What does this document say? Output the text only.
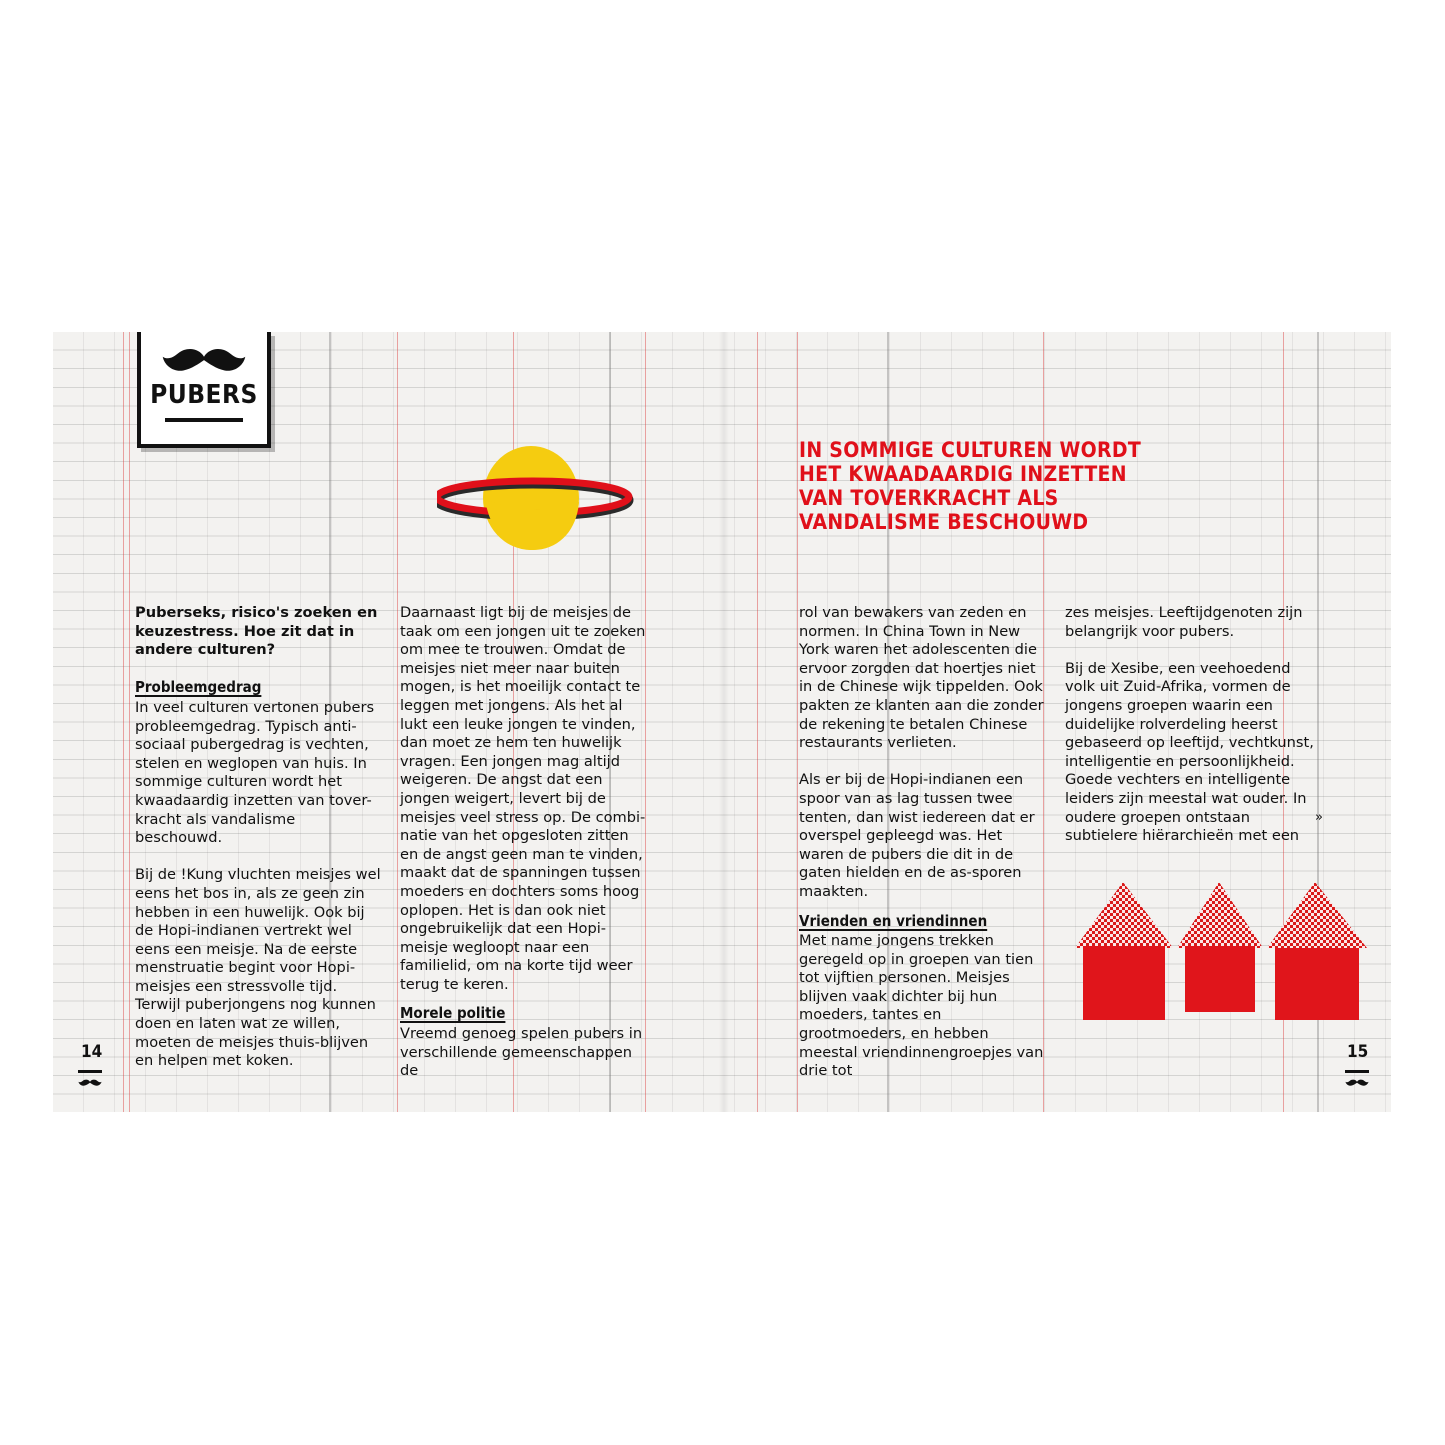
PUBERS

Puberseks, risico's zoeken en keuzestress. Hoe zit dat in andere culturen?

Probleemgedrag

In veel culturen vertonen pubers probleemgedrag. Typisch anti-sociaal pubergedrag is vechten, stelen en weglopen van huis. In sommige culturen wordt het kwaadaardig inzetten van tover-kracht als vandalisme beschouwd.

Bij de !Kung vluchten meisjes wel eens het bos in, als ze geen zin hebben in een huwelijk. Ook bij de Hopi-indianen vertrekt wel eens een meisje. Na de eerste menstruatie begint voor Hopi-meisjes een stressvolle tijd. Terwijl puberjongens nog kunnen doen en laten wat ze willen, moeten de meisjes thuis-blijven en helpen met koken.

Daarnaast ligt bij de meisjes de taak om een jongen uit te zoeken om mee te trouwen. Omdat de meisjes niet meer naar buiten mogen, is het moeilijk contact te leggen met jongens. Als het al lukt een leuke jongen te vinden, dan moet ze hem ten huwelijk vragen. Een jongen mag altijd weigeren. De angst dat een jongen weigert, levert bij de meisjes veel stress op. De combi-natie van het opgesloten zitten en de angst geen man te vinden, maakt dat de spanningen tussen moeders en dochters soms hoog oplopen. Het is dan ook niet ongebruikelijk dat een Hopi-meisje wegloopt naar een familielid, om na korte tijd weer terug te keren.

Morele politie

Vreemd genoeg spelen pubers in verschillende gemeenschappen de

IN SOMMIGE CULTUREN WORDT HET KWAADAARDIG INZETTEN VAN TOVERKRACHT ALS VANDALISME BESCHOUWD

rol van bewakers van zeden en normen. In China Town in New York waren het adolescenten die ervoor zorgden dat hoertjes niet in de Chinese wijk tippelden. Ook pakten ze klanten aan die zonder de rekening te betalen Chinese restaurants verlieten.

Als er bij de Hopi-indianen een spoor van as lag tussen twee tenten, dan wist iedereen dat er overspel gepleegd was. Het waren de pubers die dit in de gaten hielden en de as-sporen maakten.

Vrienden en vriendinnen

Met name jongens trekken geregeld op in groepen van tien tot vijftien personen. Meisjes blijven vaak dichter bij hun moeders, tantes en grootmoeders, en hebben meestal vriendinnengroepjes van drie tot

zes meisjes. Leeftijdgenoten zijn belangrijk voor pubers.

Bij de Xesibe, een veehoedend volk uit Zuid-Afrika, vormen de jongens groepen waarin een duidelijke rolverdeling heerst gebaseerd op leeftijd, vechtkunst, intelligentie en persoonlijkheid. Goede vechters en intelligente leiders zijn meestal wat ouder. In oudere groepen ontstaan subtielere hiërarchieën met een

»
14	15
